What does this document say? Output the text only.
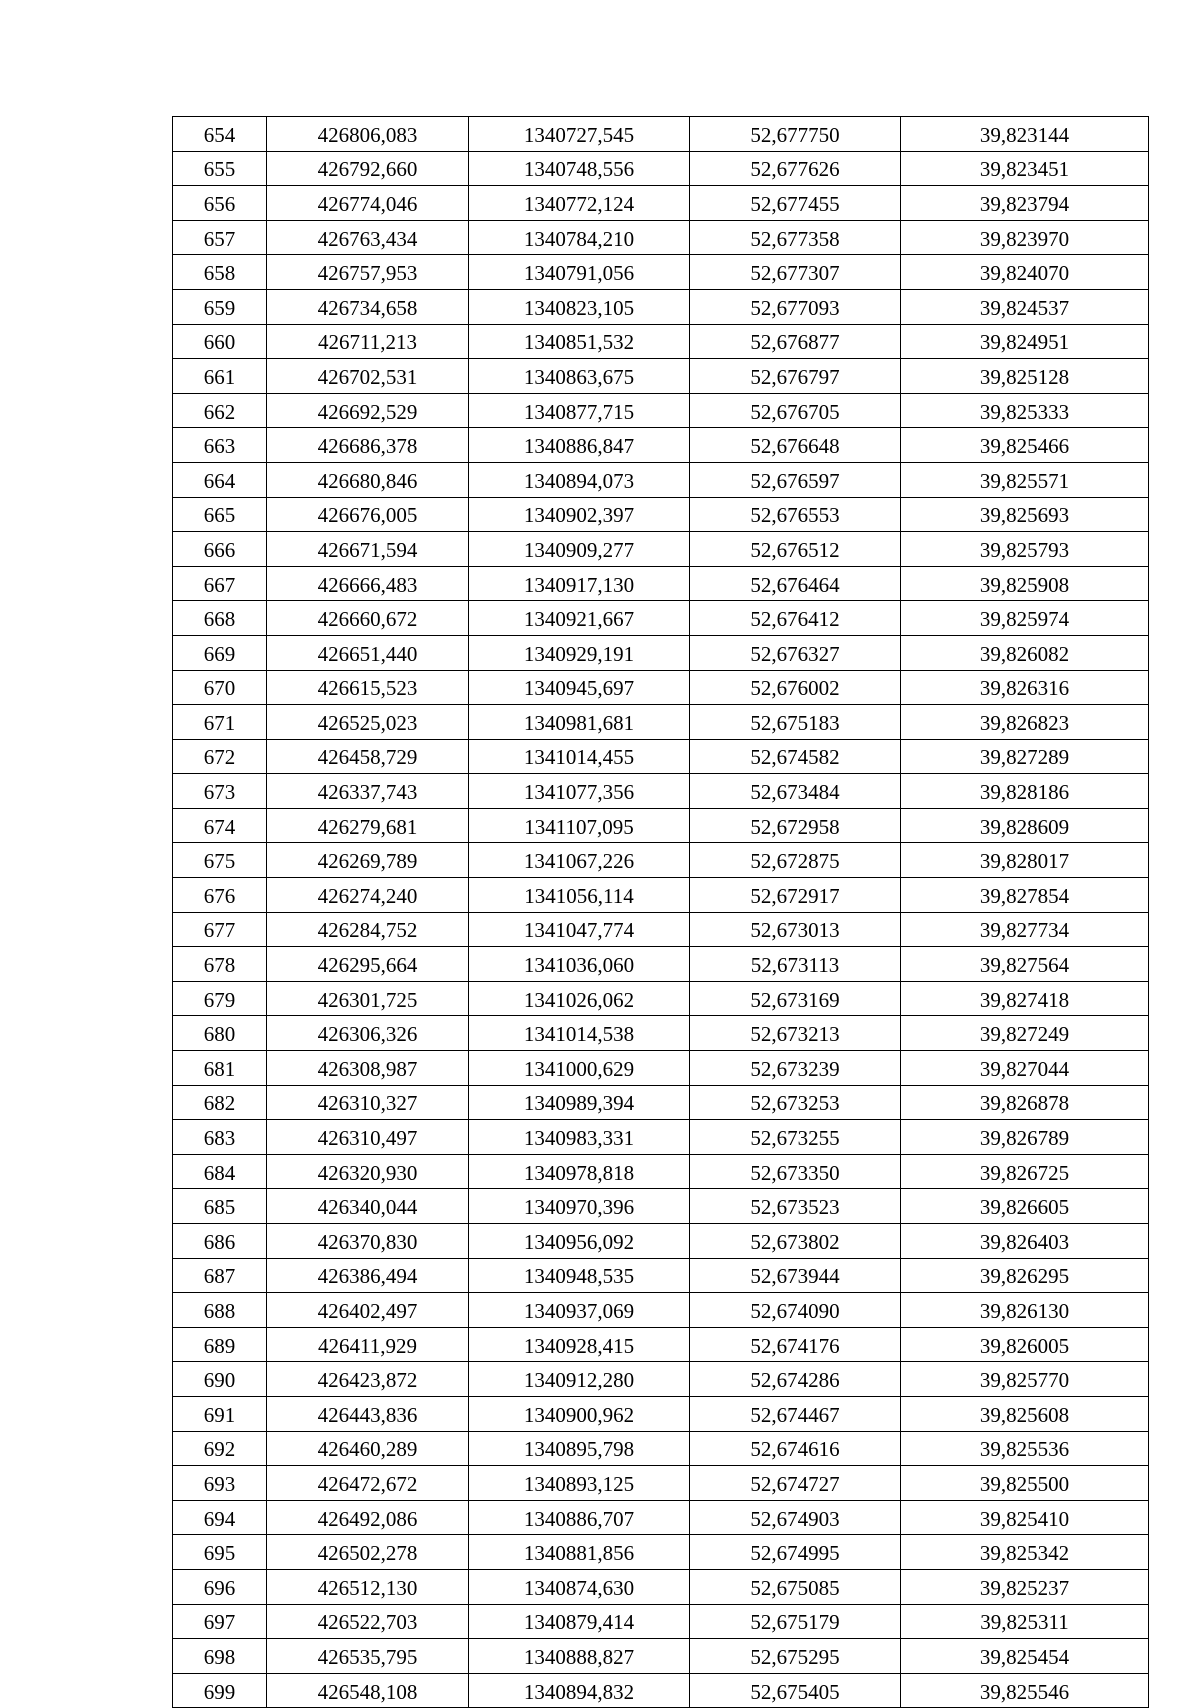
654	426806,083	1340727,545	52,677750	39,823144
655	426792,660	1340748,556	52,677626	39,823451
656	426774,046	1340772,124	52,677455	39,823794
657	426763,434	1340784,210	52,677358	39,823970
658	426757,953	1340791,056	52,677307	39,824070
659	426734,658	1340823,105	52,677093	39,824537
660	426711,213	1340851,532	52,676877	39,824951
661	426702,531	1340863,675	52,676797	39,825128
662	426692,529	1340877,715	52,676705	39,825333
663	426686,378	1340886,847	52,676648	39,825466
664	426680,846	1340894,073	52,676597	39,825571
665	426676,005	1340902,397	52,676553	39,825693
666	426671,594	1340909,277	52,676512	39,825793
667	426666,483	1340917,130	52,676464	39,825908
668	426660,672	1340921,667	52,676412	39,825974
669	426651,440	1340929,191	52,676327	39,826082
670	426615,523	1340945,697	52,676002	39,826316
671	426525,023	1340981,681	52,675183	39,826823
672	426458,729	1341014,455	52,674582	39,827289
673	426337,743	1341077,356	52,673484	39,828186
674	426279,681	1341107,095	52,672958	39,828609
675	426269,789	1341067,226	52,672875	39,828017
676	426274,240	1341056,114	52,672917	39,827854
677	426284,752	1341047,774	52,673013	39,827734
678	426295,664	1341036,060	52,673113	39,827564
679	426301,725	1341026,062	52,673169	39,827418
680	426306,326	1341014,538	52,673213	39,827249
681	426308,987	1341000,629	52,673239	39,827044
682	426310,327	1340989,394	52,673253	39,826878
683	426310,497	1340983,331	52,673255	39,826789
684	426320,930	1340978,818	52,673350	39,826725
685	426340,044	1340970,396	52,673523	39,826605
686	426370,830	1340956,092	52,673802	39,826403
687	426386,494	1340948,535	52,673944	39,826295
688	426402,497	1340937,069	52,674090	39,826130
689	426411,929	1340928,415	52,674176	39,826005
690	426423,872	1340912,280	52,674286	39,825770
691	426443,836	1340900,962	52,674467	39,825608
692	426460,289	1340895,798	52,674616	39,825536
693	426472,672	1340893,125	52,674727	39,825500
694	426492,086	1340886,707	52,674903	39,825410
695	426502,278	1340881,856	52,674995	39,825342
696	426512,130	1340874,630	52,675085	39,825237
697	426522,703	1340879,414	52,675179	39,825311
698	426535,795	1340888,827	52,675295	39,825454
699	426548,108	1340894,832	52,675405	39,825546
